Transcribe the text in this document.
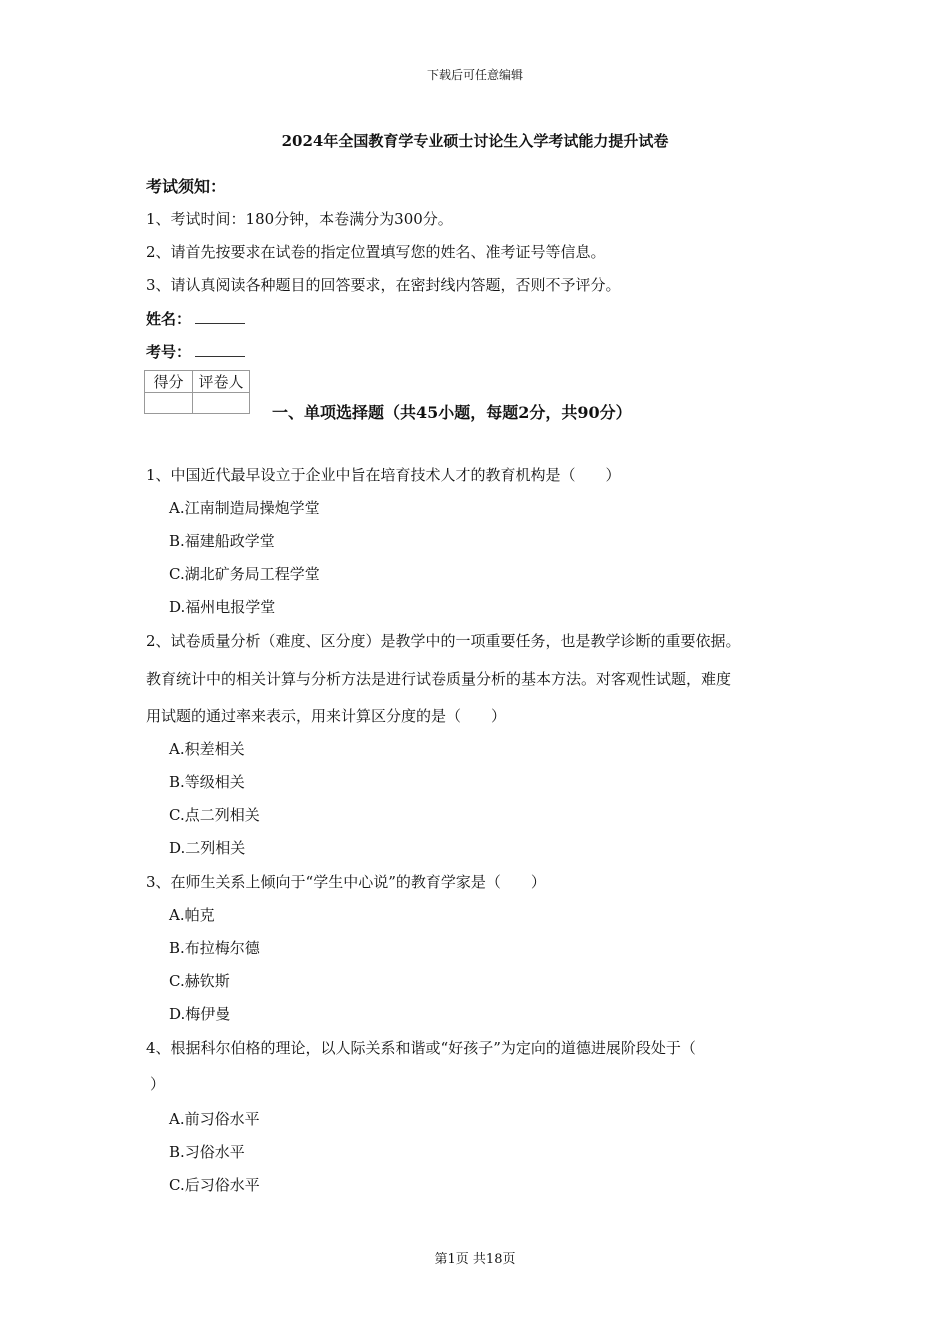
下载后可任意编辑
2024年全国教育学专业硕士讨论生入学考试能力提升试卷
考试须知：
1、考试时间：180分钟，本卷满分为300分。
2、请首先按要求在试卷的指定位置填写您的姓名、准考证号等信息。
3、请认真阅读各种题目的回答要求，在密封线内答题，否则不予评分。
姓名：
考号：
得分	评卷人

一、单项选择题（共45小题，每题2分，共90分）
1、中国近代最早设立于企业中旨在培育技术人才的教育机构是（　　）
A.江南制造局操炮学堂
B.福建船政学堂
C.湖北矿务局工程学堂
D.福州电报学堂
2、试卷质量分析（难度、区分度）是教学中的一项重要任务，也是教学诊断的重要依据。
教育统计中的相关计算与分析方法是进行试卷质量分析的基本方法。对客观性试题，难度
用试题的通过率来表示，用来计算区分度的是（　　）
A.积差相关
B.等级相关
C.点二列相关
D.二列相关
3、在师生关系上倾向于“学生中心说”的教育学家是（　　）
A.帕克
B.布拉梅尔德
C.赫钦斯
D.梅伊曼
4、根据科尔伯格的理论，以人际关系和谐或“好孩子”为定向的道德进展阶段处于（
）
A.前习俗水平
B.习俗水平
C.后习俗水平
第1页 共18页
